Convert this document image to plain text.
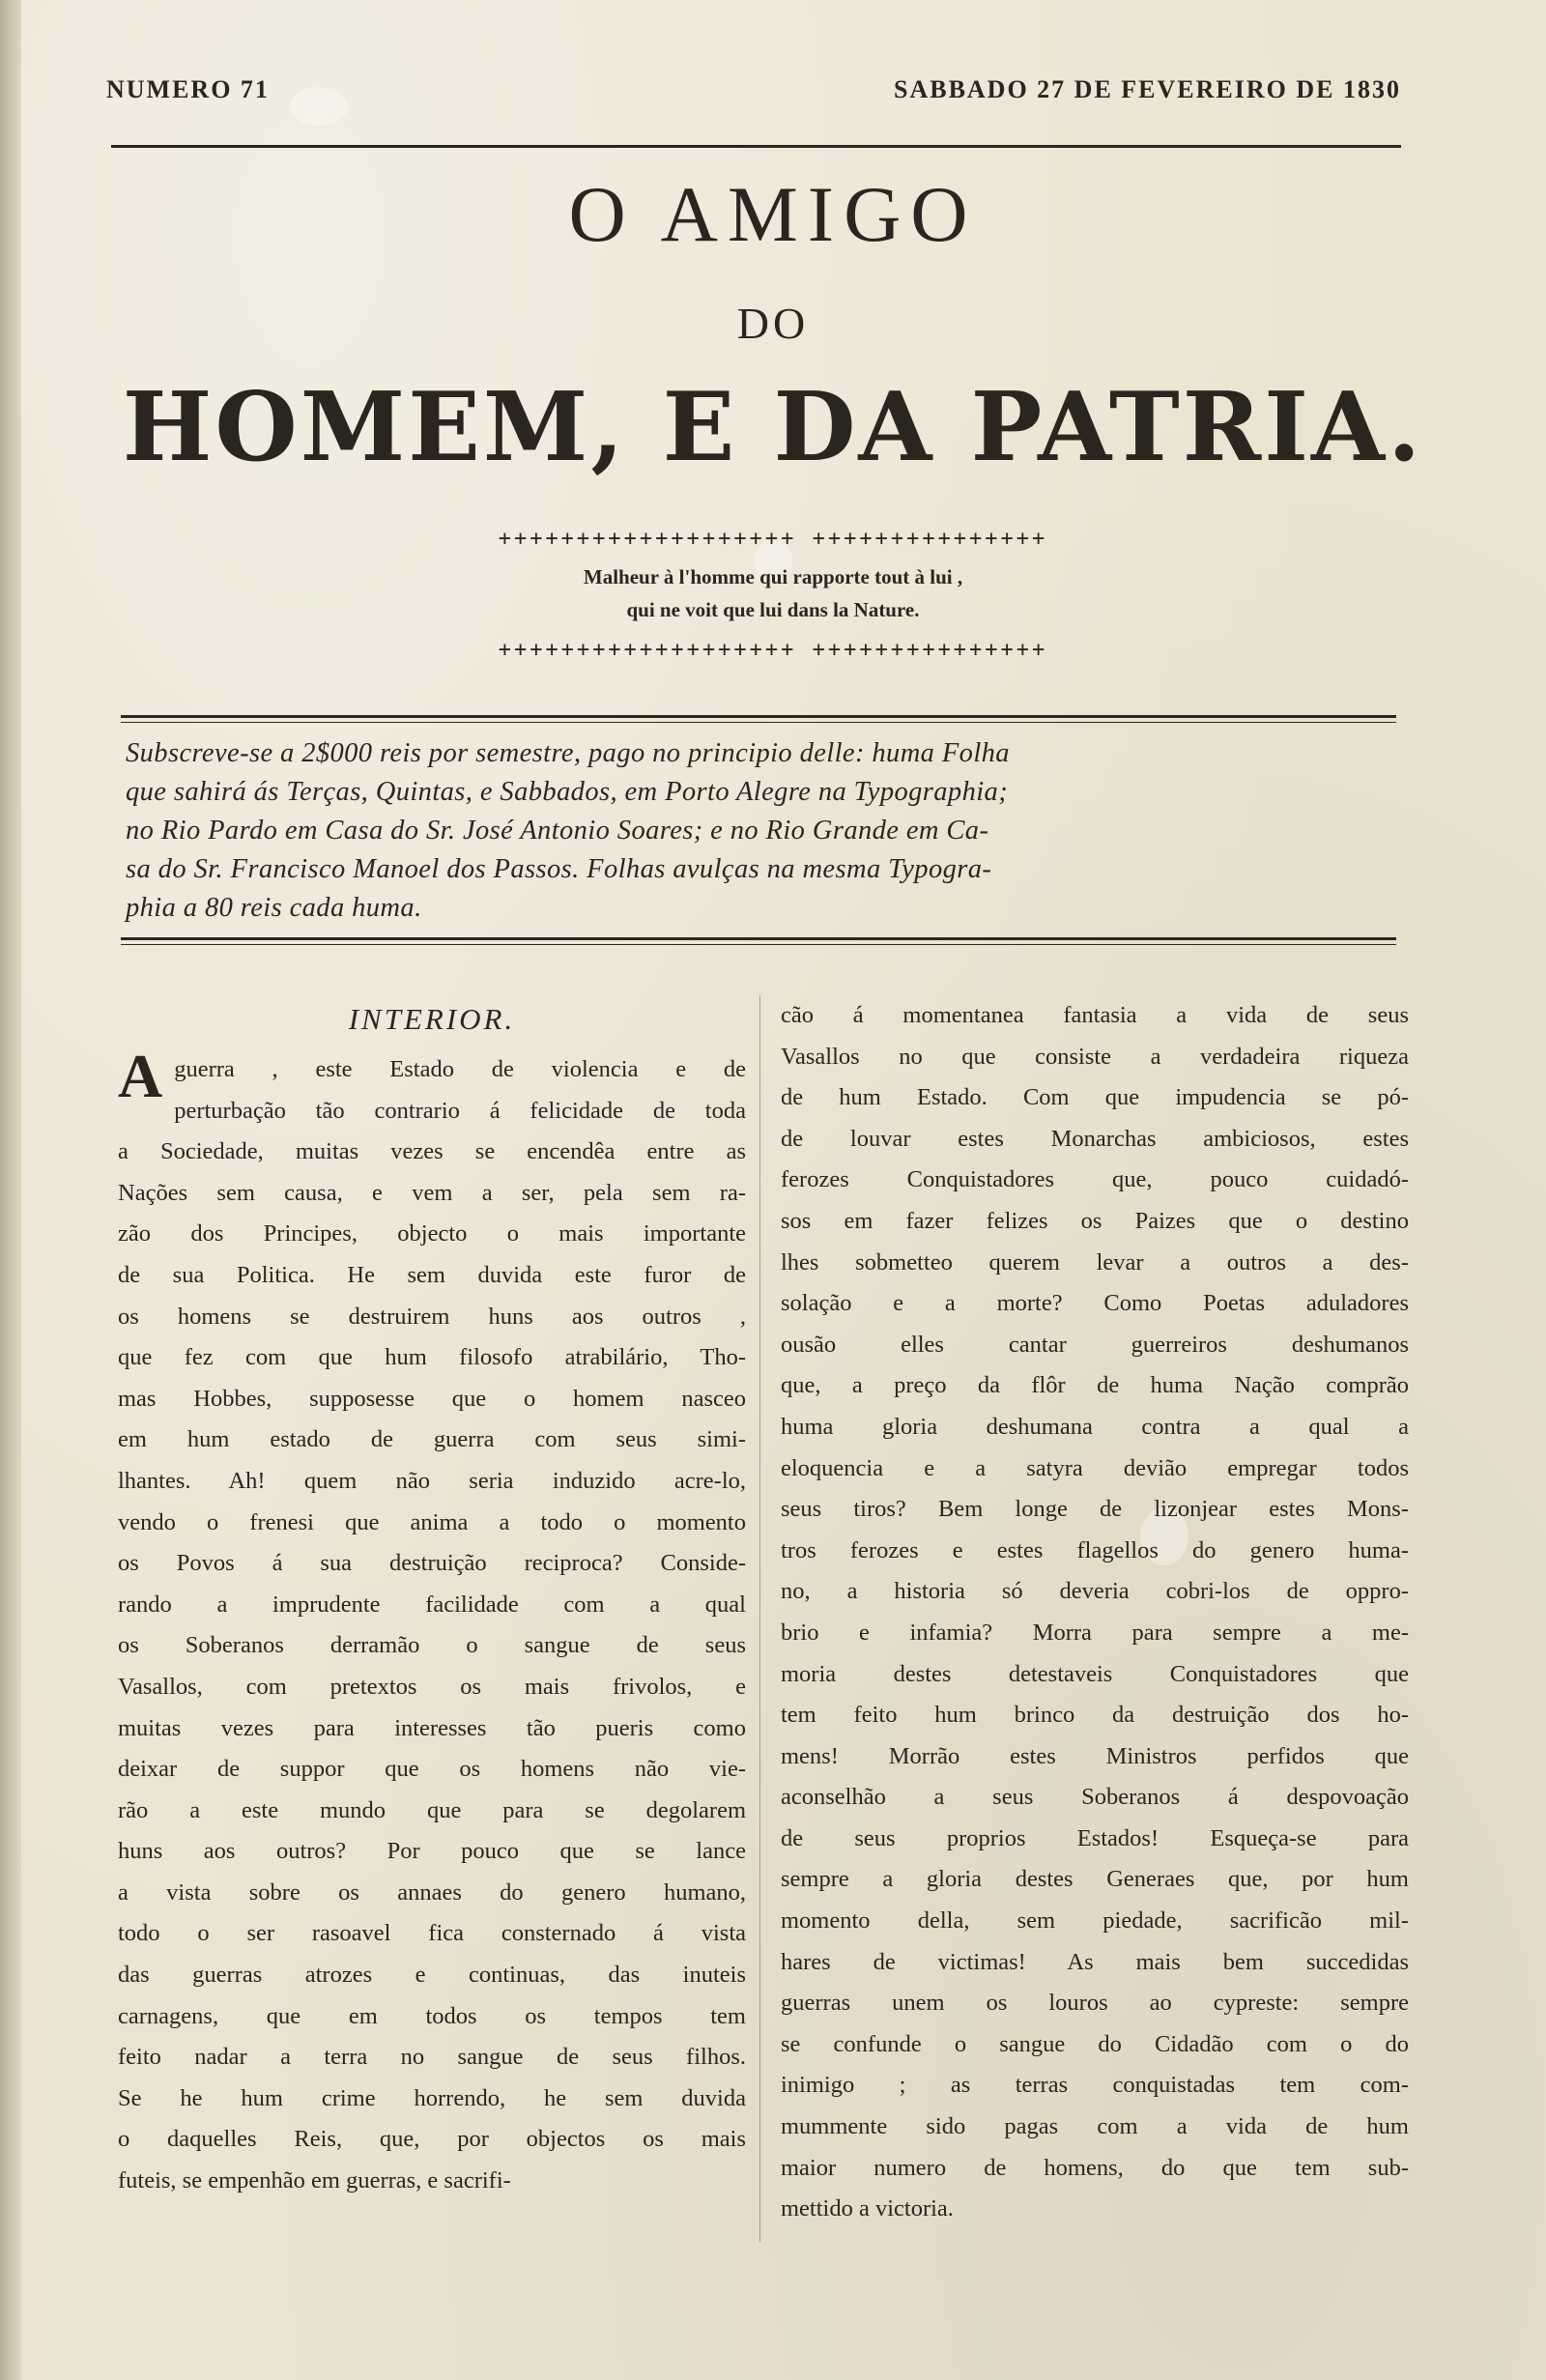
NUMERO 71	SABBADO 27 DE FEVEREIRO DE 1830
O AMIGO
DO
HOMEM, E DA PATRIA.
+++++++++++++++++++ +++++++++++++++
Malheur à l'homme qui rapporte tout à lui ,
qui ne voit que lui dans la Nature.
+++++++++++++++++++ +++++++++++++++
Subscreve-se a 2$000 reis por semestre, pago no principio delle: huma Folha
que sahirá ás Terças, Quintas, e Sabbados, em Porto Alegre na Typographia;
no Rio Pardo em Casa do Sr. José Antonio Soares; e no Rio Grande em Ca-
sa do Sr. Francisco Manoel dos Passos. Folhas avulças na mesma Typogra-
phia a 80 reis cada huma.
INTERIOR.
A guerra , este Estado de violencia e de
perturbação tão contrario á felicidade de toda
a Sociedade, muitas vezes se encendêa entre as
Nações sem causa, e vem a ser, pela sem ra-
zão dos Principes, objecto o mais importante
de sua Politica. He sem duvida este furor de
os homens se destruirem huns aos outros ,
que fez com que hum filosofo atrabilário, Tho-
mas Hobbes, supposesse que o homem nasceo
em hum estado de guerra com seus simi-
lhantes. Ah! quem não seria induzido acre-lo,
vendo o frenesi que anima a todo o momento
os Povos á sua destruição reciproca? Conside-
rando a imprudente facilidade com a qual
os Soberanos derramão o sangue de seus
Vasallos, com pretextos os mais frivolos, e
muitas vezes para interesses tão pueris como
deixar de suppor que os homens não vie-
rão a este mundo que para se degolarem
huns aos outros? Por pouco que se lance
a vista sobre os annaes do genero humano,
todo o ser rasoavel fica consternado á vista
das guerras atrozes e continuas, das inuteis
carnagens, que em todos os tempos tem
feito nadar a terra no sangue de seus filhos.
Se he hum crime horrendo, he sem duvida
o daquelles Reis, que, por objectos os mais
futeis, se empenhão em guerras, e sacrifi-
cão á momentanea fantasia a vida de seus
Vasallos no que consiste a verdadeira riqueza
de hum Estado. Com que impudencia se pó-
de louvar estes Monarchas ambiciosos, estes
ferozes Conquistadores que, pouco cuidadó-
sos em fazer felizes os Paizes que o destino
lhes sobmetteo querem levar a outros a des-
solação e a morte? Como Poetas aduladores
ousão elles cantar guerreiros deshumanos
que, a preço da flôr de huma Nação comprão
huma gloria deshumana contra a qual a
eloquencia e a satyra devião empregar todos
seus tiros? Bem longe de lizonjear estes Mons-
tros ferozes e estes flagellos do genero huma-
no, a historia só deveria cobri-los de oppro-
brio e infamia? Morra para sempre a me-
moria destes detestaveis Conquistadores que
tem feito hum brinco da destruição dos ho-
mens! Morrão estes Ministros perfidos que
aconselhão a seus Soberanos á despovoação
de seus proprios Estados! Esqueça-se para
sempre a gloria destes Generaes que, por hum
momento della, sem piedade, sacrificão mil-
hares de victimas! As mais bem succedidas
guerras unem os louros ao cypreste: sempre
se confunde o sangue do Cidadão com o do
inimigo ; as terras conquistadas tem com-
mummente sido pagas com a vida de hum
maior numero de homens, do que tem sub-
mettido a victoria.
